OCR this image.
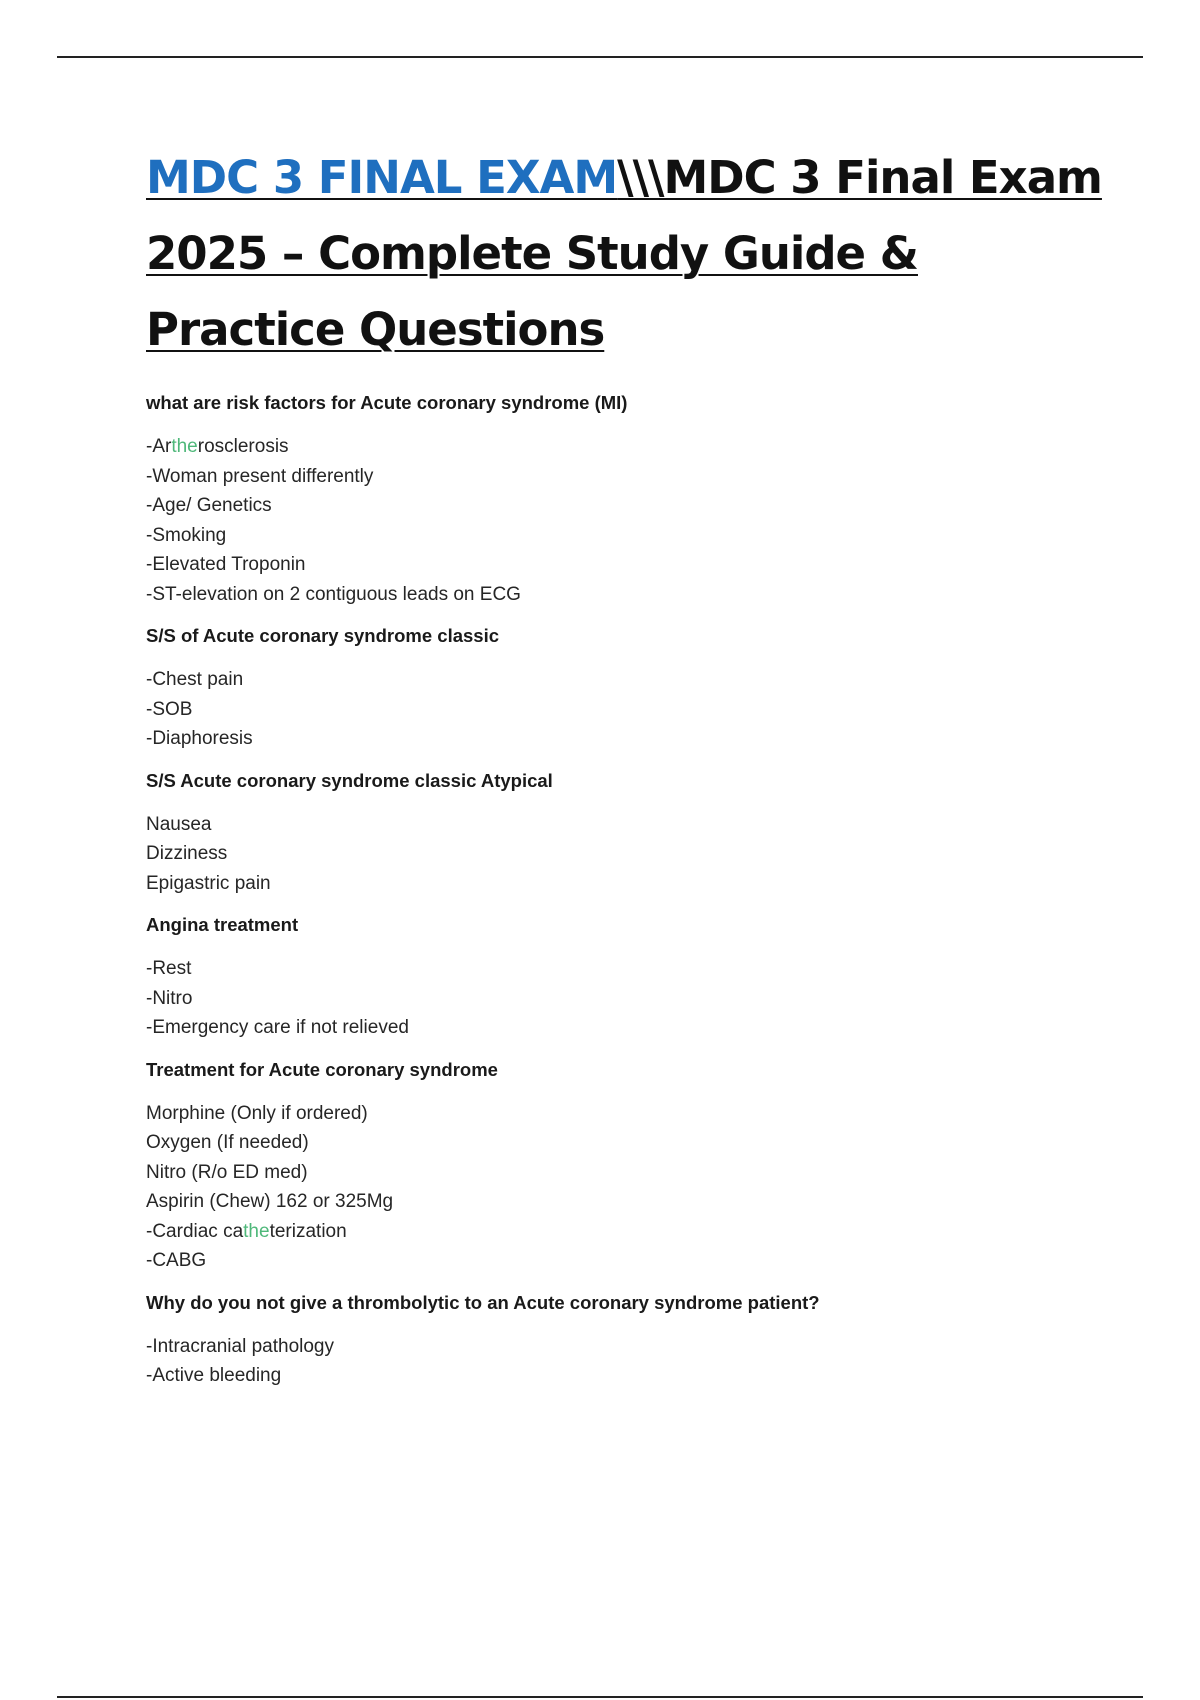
MDC 3 FINAL EXAM\\\MDC 3 Final Exam 2025 – Complete Study Guide & Practice Questions
what are risk factors for Acute coronary syndrome (MI)
-Artherosclerosis
-Woman present differently
-Age/ Genetics
-Smoking
-Elevated Troponin
-ST-elevation on 2 contiguous leads on ECG
S/S of Acute coronary syndrome classic
-Chest pain
-SOB
-Diaphoresis
S/S Acute coronary syndrome classic Atypical
Nausea
Dizziness
Epigastric pain
Angina treatment
-Rest
-Nitro
-Emergency care if not relieved
Treatment for Acute coronary syndrome
Morphine (Only if ordered)
Oxygen (If needed)
Nitro (R/o ED med)
Aspirin (Chew) 162 or 325Mg
-Cardiac catheterization
-CABG
Why do you not give a thrombolytic to an Acute coronary syndrome patient?
-Intracranial pathology
-Active bleeding
